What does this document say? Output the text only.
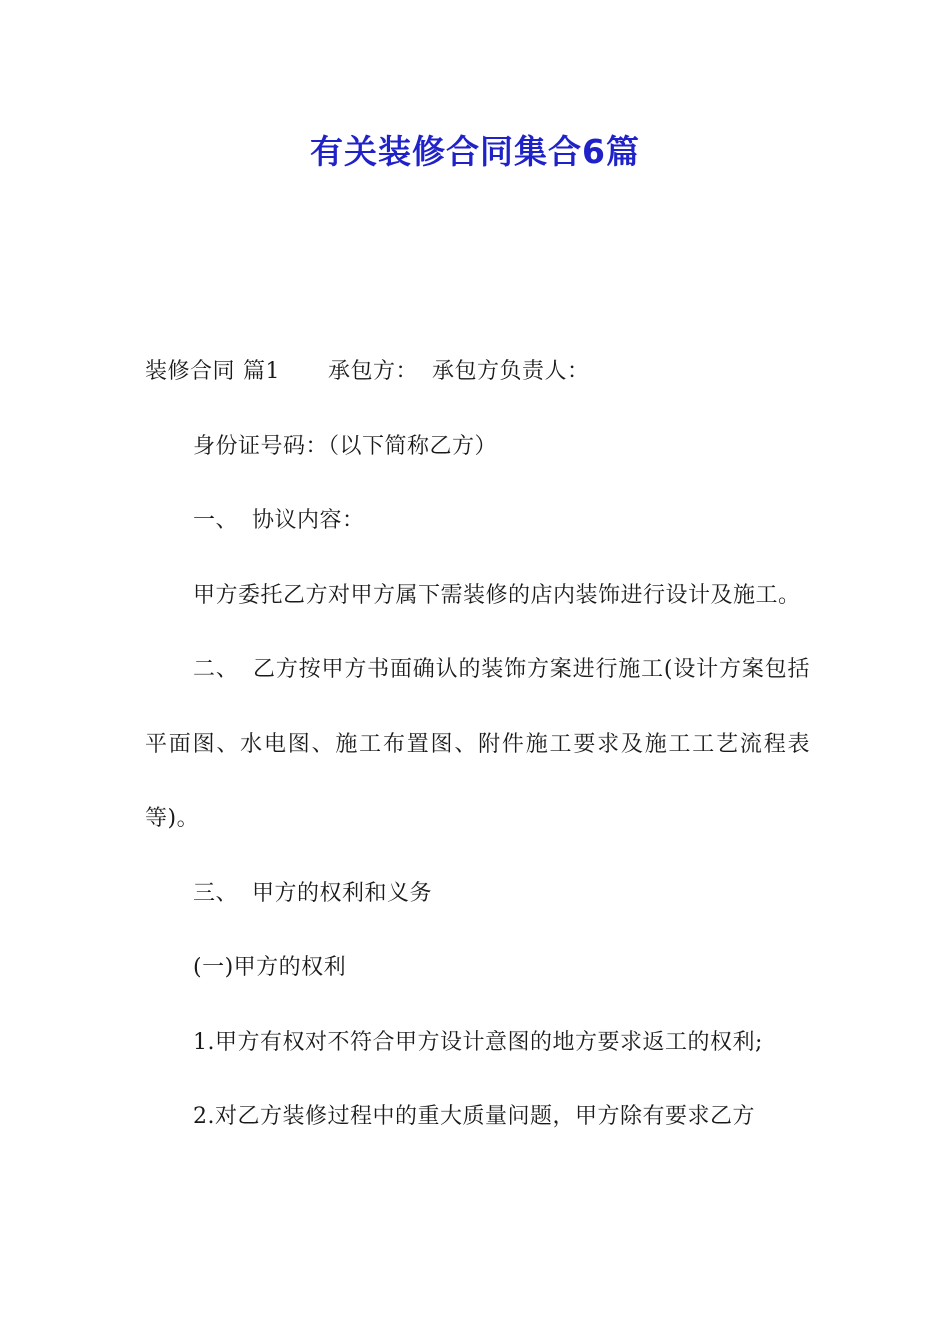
有关装修合同集合6篇

装修合同 篇1 承包方： 承包方负责人：

身份证号码：（以下简称乙方）

一、 协议内容：

甲方委托乙方对甲方属下需装修的店内装饰进行设计及施工。

二、 乙方按甲方书面确认的装饰方案进行施工(设计方案包括平面图、水电图、施工布置图、附件施工要求及施工工艺流程表等)。

三、 甲方的权利和义务

(一)甲方的权利

1.甲方有权对不符合甲方设计意图的地方要求返工的权利;

2.对乙方装修过程中的重大质量问题，甲方除有要求乙方
